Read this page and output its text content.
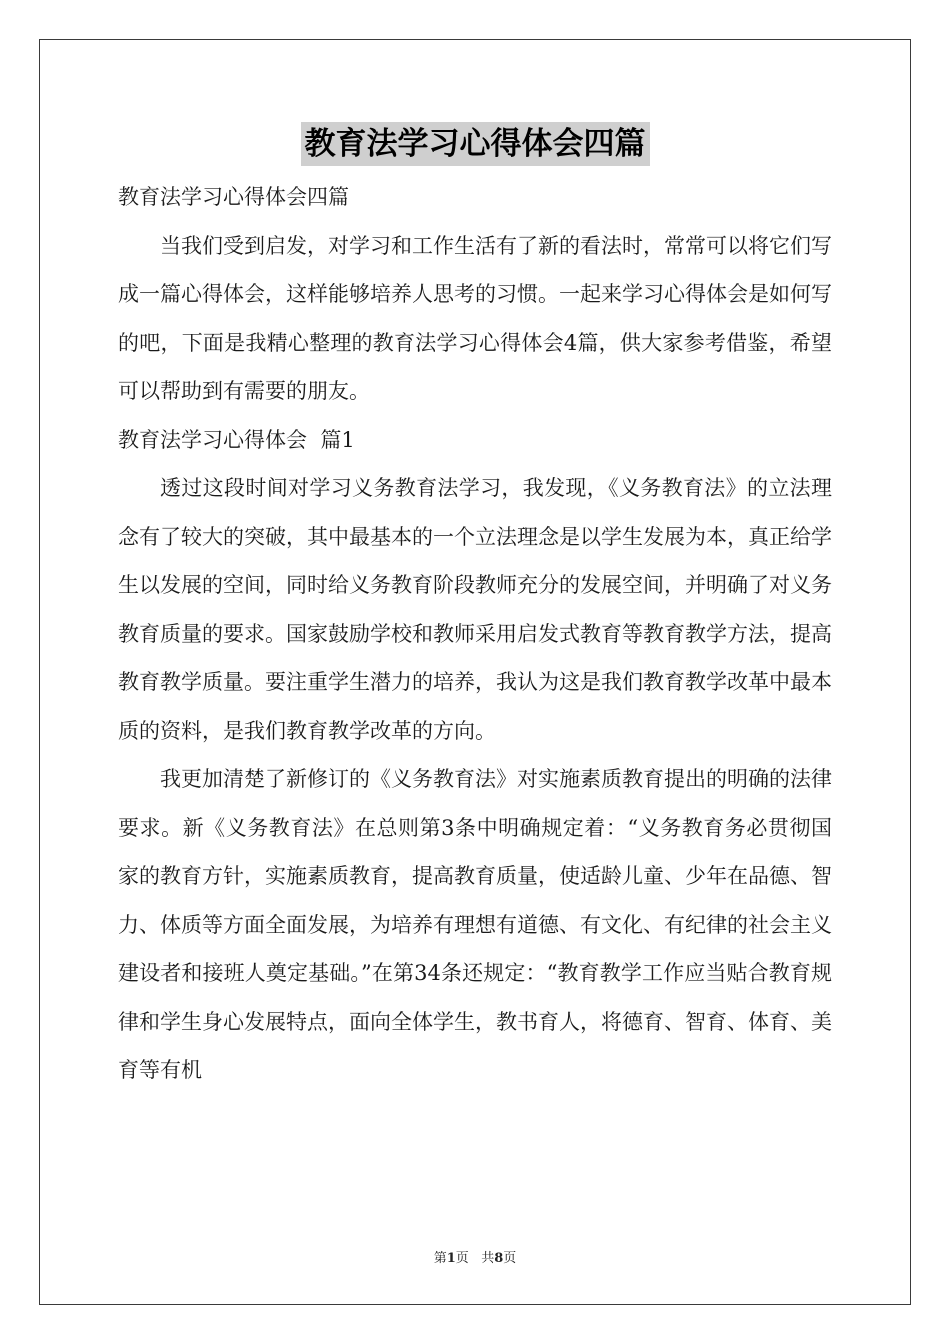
教育法学习心得体会四篇

教育法学习心得体会四篇

当我们受到启发，对学习和工作生活有了新的看法时，常常可以将它们写成一篇心得体会，这样能够培养人思考的习惯。一起来学习心得体会是如何写的吧，下面是我精心整理的教育法学习心得体会4篇，供大家参考借鉴，希望可以帮助到有需要的朋友。

教育法学习心得体会  篇1

透过这段时间对学习义务教育法学习，我发现，《义务教育法》的立法理念有了较大的突破，其中最基本的一个立法理念是以学生发展为本，真正给学生以发展的空间，同时给义务教育阶段教师充分的发展空间，并明确了对义务教育质量的要求。国家鼓励学校和教师采用启发式教育等教育教学方法，提高教育教学质量。要注重学生潜力的培养，我认为这是我们教育教学改革中最本质的资料，是我们教育教学改革的方向。

我更加清楚了新修订的《义务教育法》对实施素质教育提出的明确的法律要求。新《义务教育法》在总则第3条中明确规定着：“义务教育务必贯彻国家的教育方针，实施素质教育，提高教育质量，使适龄儿童、少年在品德、智力、体质等方面全面发展，为培养有理想有道德、有文化、有纪律的社会主义建设者和接班人奠定基础。”在第34条还规定：“教育教学工作应当贴合教育规律和学生身心发展特点，面向全体学生，教书育人，将德育、智育、体育、美育等有机

第1页 共8页
